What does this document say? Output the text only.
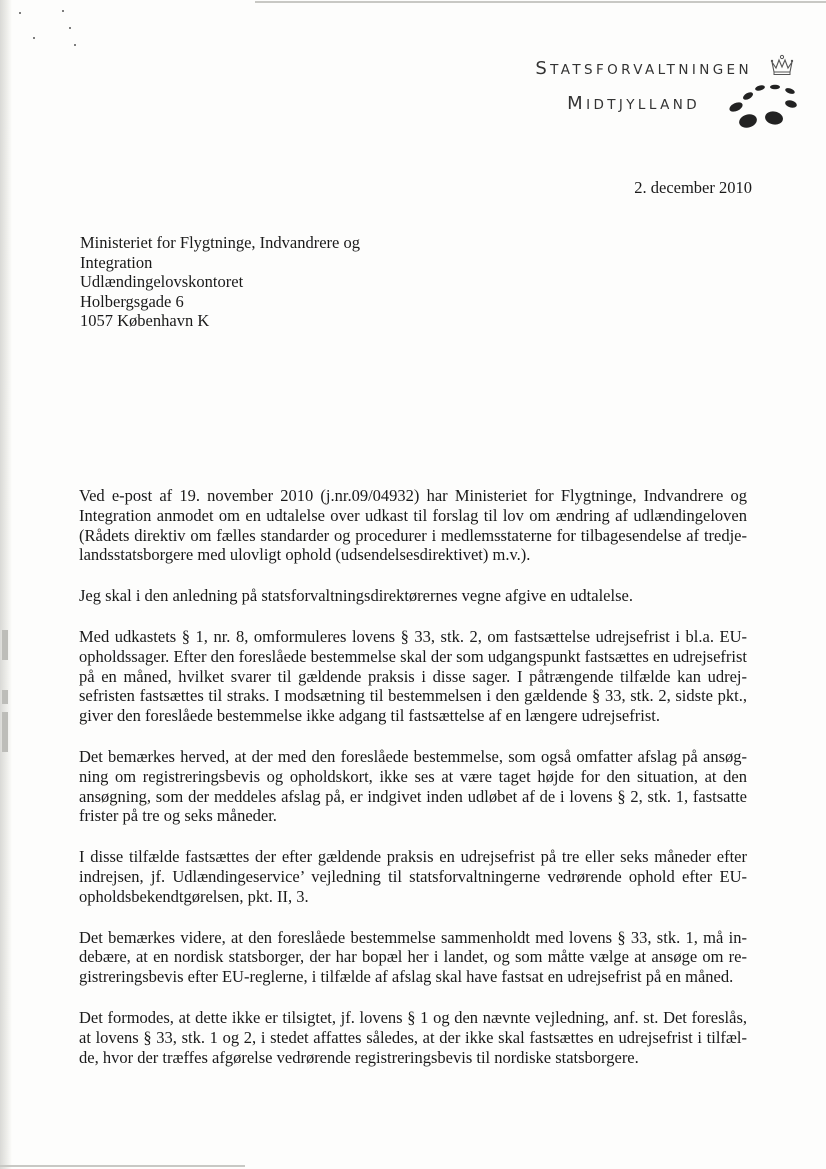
STATSFORVALTNINGEN
MIDTJYLLAND
2. december 2010
Ministeriet for Flygtninge, Indvandrere og
Integration
Udlændingelovskontoret
Holbergsgade 6
1057 København K

Ved e-post af 19. november 2010 (j.nr.09/04932) har Ministeriet for Flygtninge, Indvandrere og Integration anmodet om en udtalelse over udkast til forslag til lov om ændring af udlændingeloven (Rådets direktiv om fælles standarder og procedurer i medlemsstaterne for tilbagesendelse af tredjelandsstatsborgere med ulovligt ophold (udsendelsesdirektivet) m.v.).

Jeg skal i den anledning på statsforvaltningsdirektørernes vegne afgive en udtalelse.

Med udkastets § 1, nr. 8, omformuleres lovens § 33, stk. 2, om fastsættelse udrejsefrist i bl.a. EU-opholdssager. Efter den foreslåede bestemmelse skal der som udgangspunkt fastsættes en udrejsefrist på en måned, hvilket svarer til gældende praksis i disse sager. I påtrængende tilfælde kan udrejsefristen fastsættes til straks. I modsætning til bestemmelsen i den gældende § 33, stk. 2, sidste pkt., giver den foreslåede bestemmelse ikke adgang til fastsættelse af en længere udrejsefrist.

Det bemærkes herved, at der med den foreslåede bestemmelse, som også omfatter afslag på ansøgning om registreringsbevis og opholdskort, ikke ses at være taget højde for den situation, at den ansøgning, som der meddeles afslag på, er indgivet inden udløbet af de i lovens § 2, stk. 1, fastsatte frister på tre og seks måneder.

I disse tilfælde fastsættes der efter gældende praksis en udrejsefrist på tre eller seks måneder efter indrejsen, jf. Udlændingeservice’ vejledning til statsforvaltningerne vedrørende ophold efter EU-opholdsbekendtgørelsen, pkt. II, 3.

Det bemærkes videre, at den foreslåede bestemmelse sammenholdt med lovens § 33, stk. 1, må indebære, at en nordisk statsborger, der har bopæl her i landet, og som måtte vælge at ansøge om registreringsbevis efter EU-reglerne, i tilfælde af afslag skal have fastsat en udrejsefrist på en måned.

Det formodes, at dette ikke er tilsigtet, jf. lovens § 1 og den nævnte vejledning, anf. st. Det foreslås, at lovens § 33, stk. 1 og 2, i stedet affattes således, at der ikke skal fastsættes en udrejsefrist i tilfælde, hvor der træffes afgørelse vedrørende registreringsbevis til nordiske statsborgere.
